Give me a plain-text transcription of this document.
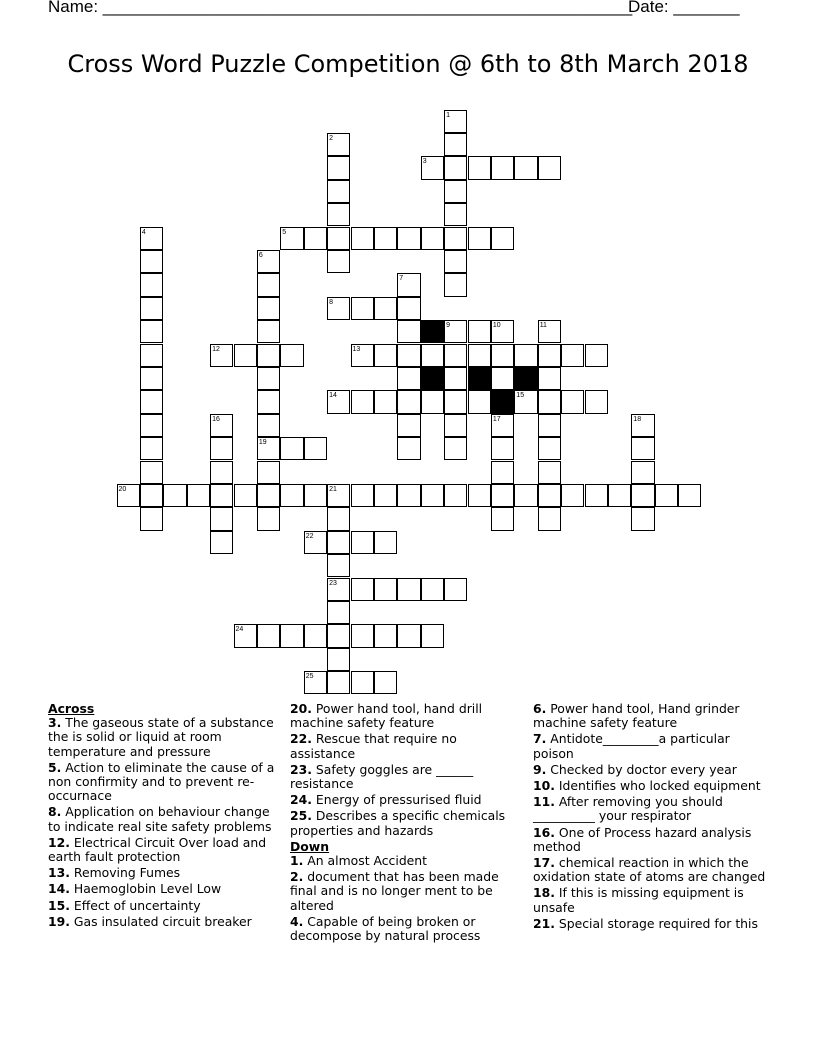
Name: ________________________________________________________
Date: _______
Cross Word Puzzle Competition @ 6th to 8th March 2018
1
2
3
4	5
6
7
8
9	10	11
12	13
14	15
16	17	18
19
20	21
22
23
24
25
Across
3. The gaseous state of a substance the is solid or liquid at room temperature and pressure
5. Action to eliminate the cause of a non confirmity and to prevent re-occurnace
8. Application on behaviour change to indicate real site safety problems
12. Electrical Circuit Over load and earth fault protection
13. Removing Fumes
14. Haemoglobin Level Low
15. Effect of uncertainty
19. Gas insulated circuit breaker
20. Power hand tool, hand drill machine safety feature
22. Rescue that require no assistance
23. Safety goggles are ______ resistance
24. Energy of pressurised fluid
25. Describes a specific chemicals properties and hazards
Down
1. An almost Accident
2. document that has been made final and is no longer ment to be altered
4. Capable of being broken or decompose by natural process
6. Power hand tool, Hand grinder machine safety feature
7. Antidote_________a particular poison
9. Checked by doctor every year
10. Identifies who locked equipment
11. After removing you should __________ your respirator
16. One of Process hazard analysis method
17. chemical reaction in which the oxidation state of atoms are changed
18. If this is missing equipment is unsafe
21. Special storage required for this
